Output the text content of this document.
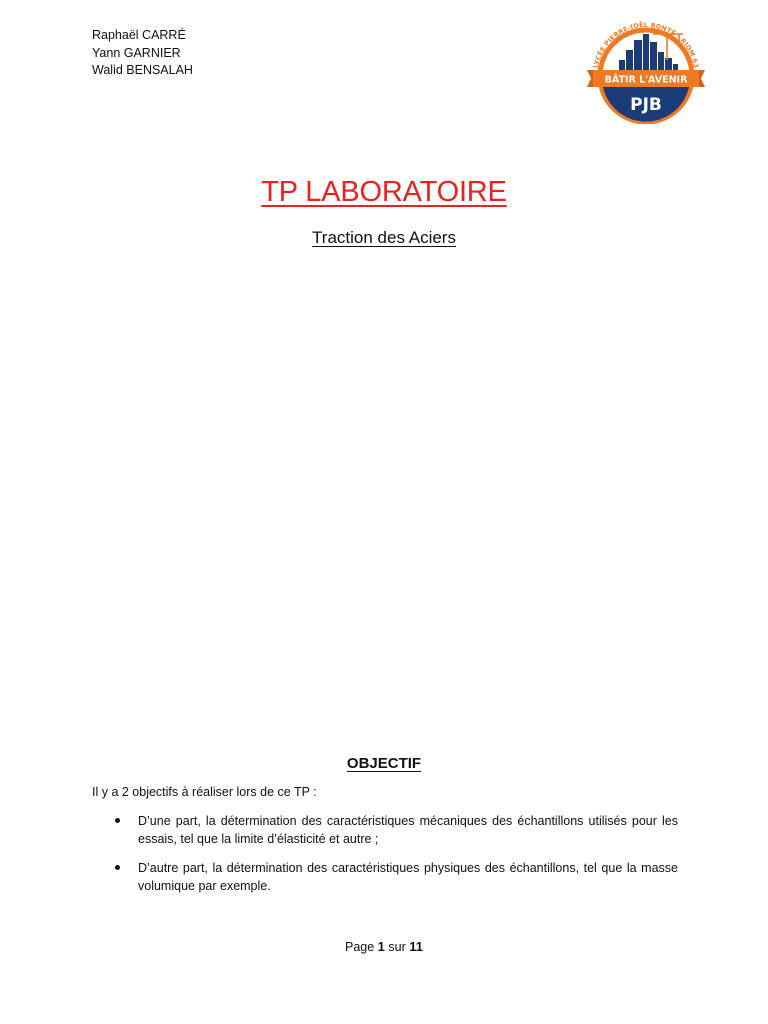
Raphaël CARRÉ
Yann GARNIER
Walid BENSALAH	LYCÉE PIERRE-JOËL BONTÉ - RIOM 63
BÂTIR L'AVENIR
PJB
TP LABORATOIRE
Traction des Aciers
OBJECTIF
Il y a 2 objectifs à réaliser lors de ce TP :
D’une part, la détermination des caractéristiques mécaniques des échantillons utilisés pour les essais, tel que la limite d’élasticité et autre ;
D’autre part, la détermination des caractéristiques physiques des échantillons, tel que la masse volumique par exemple.
Page 1 sur 11
